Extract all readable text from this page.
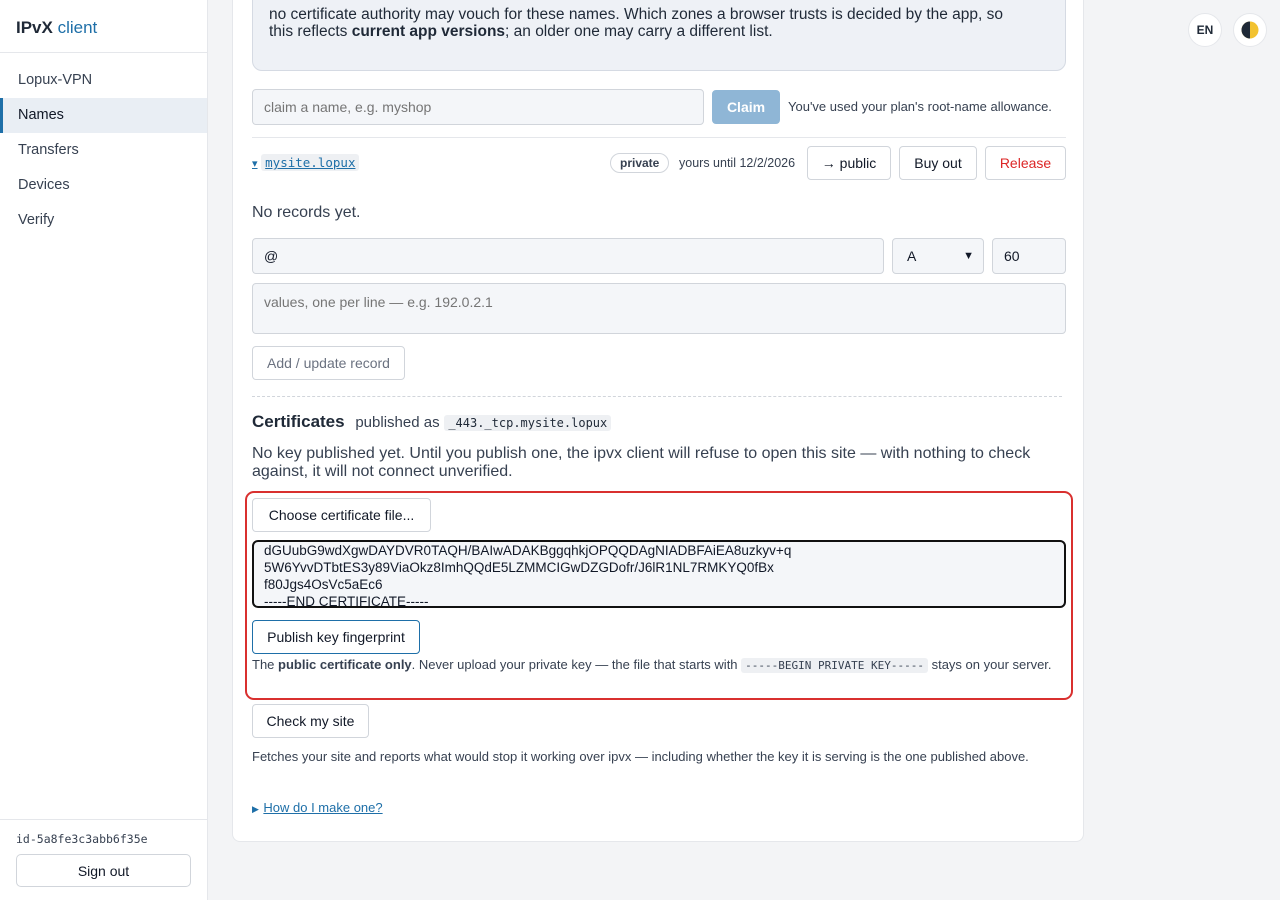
IPvX client
Lopux-VPN
Names
Transfers
Devices
Verify
id-5a8fe3c3abb6f35e
Sign out
EN
no certificate authority may vouch for these names. Which zones a browser trusts is decided by the app, so
this reflects current app versions; an older one may carry a different list.
claim a name, e.g. myshop
Claim	You've used your plan's root-name allowance.
▾ mysite.lopux	private	yours until 12/2/2026	→ public	Buy out	Release
No records yet.
@
A	▼
60
values, one per line — e.g. 192.0.2.1
Add / update record
Certificates published as _443._tcp.mysite.lopux
No key published yet. Until you publish one, the ipvx client will refuse to open this site — with nothing to check against, it will not connect unverified.
Choose certificate file...
dGUubG9wdXgwDAYDVR0TAQH/BAIwADAKBggqhkjOPQQDAgNIADBFAiEA8uzkyv+q
5W6YvvDTbtES3y89ViaOkz8ImhQQdE5LZMMCIGwDZGDofr/J6lR1NL7RMKYQ0fBx
f80Jgs4OsVc5aEc6
-----END CERTIFICATE-----
Publish key fingerprint
The public certificate only. Never upload your private key — the file that starts with -----BEGIN PRIVATE KEY----- stays on your server.
Check my site
Fetches your site and reports what would stop it working over ipvx — including whether the key it is serving is the one published above.
▶ How do I make one?
